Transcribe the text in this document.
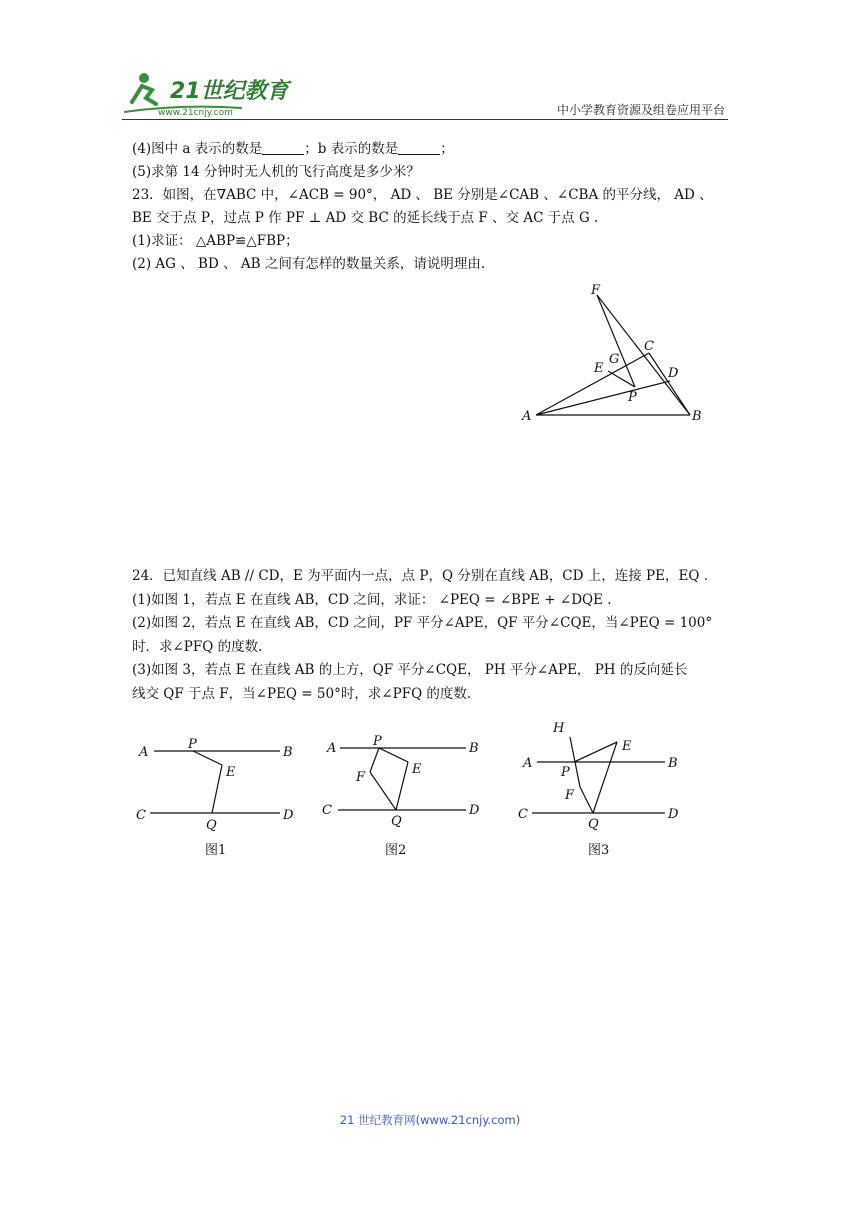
21世纪教育
www.21cnjy.com	中小学教育资源及组卷应用平台
(4)图中 a 表示的数是	；b 表示的数是	；
(5)求第 14 分钟时无人机的飞行高度是多少米？
23．如图，在∇ABC 中，∠ACB = 90°， AD 、 BE 分别是∠CAB 、∠CBA 的平分线， AD 、
BE 交于点 P，过点 P 作 PF ⊥ AD 交 BC 的延长线于点 F 、交 AC 于点 G .
(1)求证： △ABP≌△FBP；
(2) AG 、 BD 、 AB 之间有怎样的数量关系，请说明理由.
F
C
G
E	D
P
A	B
24．已知直线 AB // CD，E 为平面内一点，点 P，Q 分别在直线 AB，CD 上，连接 PE，EQ .
(1)如图 1，若点 E 在直线 AB，CD 之间，求证： ∠PEQ = ∠BPE + ∠DQE .
(2)如图 2，若点 E 在直线 AB，CD 之间，PF 平分∠APE，QF 平分∠CQE，当∠PEQ = 100°
时．求∠PFQ 的度数.
(3)如图 3，若点 E 在直线 AB 的上方，QF 平分∠CQE， PH 平分∠APE， PH 的反向延长
线交 QF 于点 F，当∠PEQ = 50°时，求∠PFQ 的度数.
A
P
B
E
C
Q
D
图1
A	P	B
F
E
C
Q
D
图2
H
E
A
P
B
F
C
Q
D
图3
21 世纪教育网(www.21cnjy.com)
